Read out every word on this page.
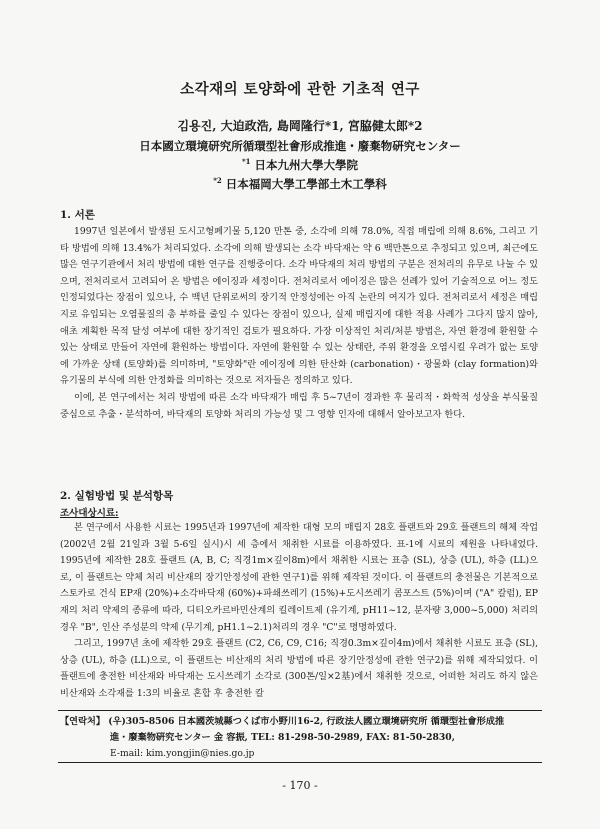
소각재의 토양화에 관한 기초적 연구
김용진, 大迫政浩, 島岡隆行*1, 宮脇健太郎*2
日本國立環境研究所循環型社會形成推進・廢棄物硏究センター
$^{*1}$ 日本九州大學大學院
$^{*2}$ 日本福岡大學工學部土木工學科
1. 서론

1997년 일본에서 발생된 도시고형폐기물 5,120 만톤 중, 소각에 의해 78.0%, 직접 매립에 의해 8.6%, 그리고 기타 방법에 의해 13.4%가 처리되었다. 소각에 의해 발생되는 소각 바닥재는 약 6 백만톤으로 추정되고 있으며, 최근에도 많은 연구기관에서 처리 방법에 대한 연구를 진행중이다. 소각 바닥재의 처리 방법의 구분은 전처리의 유무로 나눌 수 있으며, 전처리로서 고려되어 온 방법은 에이징과 세정이다. 전처리로서 에이징은 많은 선례가 있어 기술적으로 어느 정도 인정되었다는 장점이 있으나, 수 백년 단위로써의 장기적 안정성에는 아직 논란의 여지가 있다. 전처리로서 세정은 매립지로 유입되는 오염물질의 총 부하를 줄일 수 있다는 장점이 있으나, 실제 매립지에 대한 적용 사례가 그다지 많지 않아, 애초 계획한 목적 달성 여부에 대한 장기적인 검토가 필요하다. 가장 이상적인 처리/처분 방법은, 자연 환경에 환원할 수 있는 상태로 만들어 자연에 환원하는 방법이다. 자연에 환원할 수 있는 상태란, 주위 환경을 오염시킬 우려가 없는 토양에 가까운 상태 (토양화)를 의미하며, "토양화"란 에이징에 의한 탄산화 (carbonation)・광물화 (clay formation)와 유기물의 부식에 의한 안정화를 의미하는 것으로 저자들은 정의하고 있다.

이에, 본 연구에서는 처리 방법에 따른 소각 바닥재가 매립 후 5~7년이 경과한 후 물리적・화학적 성상을 부식물질 중심으로 추출・분석하여, 바닥재의 토양화 처리의 가능성 및 그 영향 인자에 대해서 알아보고자 한다.

2. 실험방법 및 분석항목
조사대상시료:

본 연구에서 사용한 시료는 1995년과 1997년에 제작한 대형 모의 매립지 28호 플랜트와 29호 플랜트의 해체 작업 (2002년 2월 21일과 3월 5-6일 실시)시 세 층에서 채취한 시료를 이용하였다. 표-1에 시료의 제원을 나타내었다. 1995년에 제작한 28호 플랜트 (A, B, C; 직경1m×깊이8m)에서 채취한 시료는 표층 (SL), 상층 (UL), 하층 (LL)으로, 이 플랜트는 약체 처리 비산재의 장기안정성에 관한 연구1)를 위해 제작된 것이다. 이 플랜트의 충전물은 기본적으로 스토카로 건식 EP재 (20%)+소각바닥재 (60%)+파쇄쓰레기 (15%)+도시쓰레기 콤포스트 (5%)이며 ("A" 칼럼), EP재의 처리 약제의 종류에 따라, 디티오카르바민산계의 킬레이트제 (유기계, pH11~12, 분자량 3,000~5,000) 처리의 경우 "B", 인산 주성분의 약제 (무기계, pH1.1~2.1)처리의 경우 "C"로 명명하였다.

그리고, 1997년 초에 제작한 29호 플랜트 (C2, C6, C9, C16; 직경0.3m×깊이4m)에서 채취한 시료도 표층 (SL), 상층 (UL), 하층 (LL)으로, 이 플랜트는 비산재의 처리 방법에 따른 장기안정성에 관한 연구2)를 위해 제작되었다. 이 플랜트에 충전한 비산재와 바닥재는 도시쓰레기 소각로 (300톤/일×2基)에서 채취한 것으로, 어떠한 처리도 하지 않은 비산재와 소각재를 1:3의 비율로 혼합 후 충전한 칼

【연락처】 (우)305-8506 日本國茨城縣つくば市小野川16-2, 行政法人國立環境硏究所 循環型社會形成推
進・廢棄物硏究センター 金 容振, TEL: 81-298-50-2989, FAX: 81-50-2830,
E-mail: kim.yongjin@nies.go.jp
- 170 -
